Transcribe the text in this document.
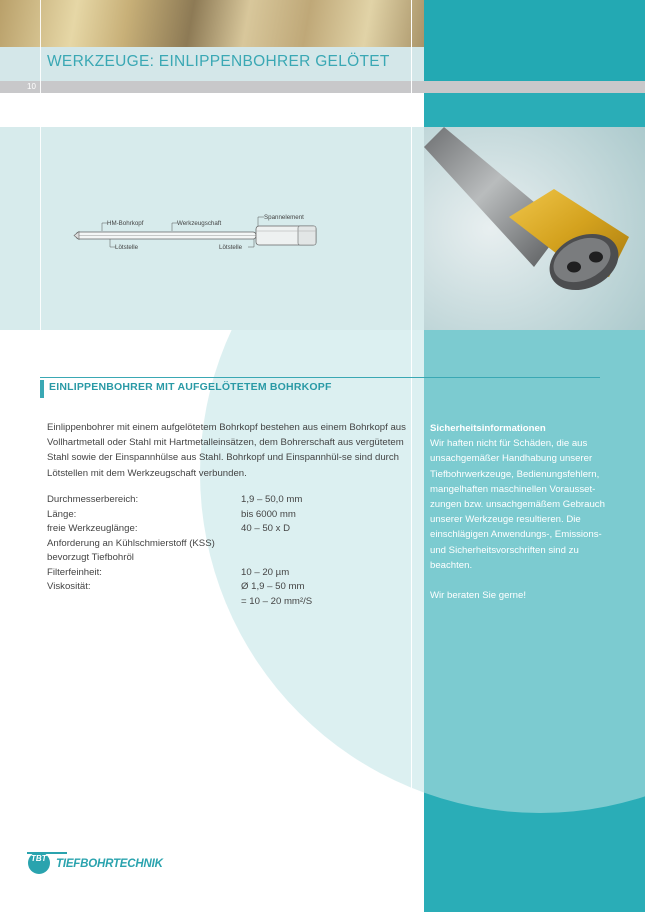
WERKZEUGE: EINLIPPENBOHRER GELÖTET
10
HM-Bohrkopf	Werkzeugschaft
Spannelement
Lötstelle	Lötstelle
EINLIPPENBOHRER MIT AUFGELÖTETEM BOHRKOPF
Einlippenbohrer mit einem aufgelötetem Bohrkopf bestehen aus einem Bohrkopf aus Vollhartmetall oder Stahl mit Hartmetalleinsätzen, dem Bohrerschaft aus vergütetem Stahl sowie der Einspannhülse aus Stahl. Bohrkopf und Einspannhül-se sind durch Lötstellen mit dem Werkzeugschaft verbunden.
Durchmesserbereich:	1,9 – 50,0 mm
Länge:	bis 6000 mm
freie Werkzeuglänge:	40 – 50 x D
Anforderung an Kühlschmierstoff (KSS)
bevorzugt Tiefbohröl
Filterfeinheit:	10 – 20 µm
Viskosität:	Ø 1,9 – 50 mm
= 10 – 20 mm²/S
Sicherheitsinformationen
Wir haften nicht für Schäden, die aus
unsachgemäßer Handhabung unserer
Tiefbohrwerkzeuge, Bedienungsfehlern,
mangelhaften maschinellen Vorausset-
zungen bzw. unsachgemäßem Gebrauch
unserer Werkzeuge resultieren. Die
einschlägigen Anwendungs-, Emissions-
und Sicherheitsvorschriften sind zu
beachten.
Wir beraten Sie gerne!
TBT TIEFBOHRTECHNIK
